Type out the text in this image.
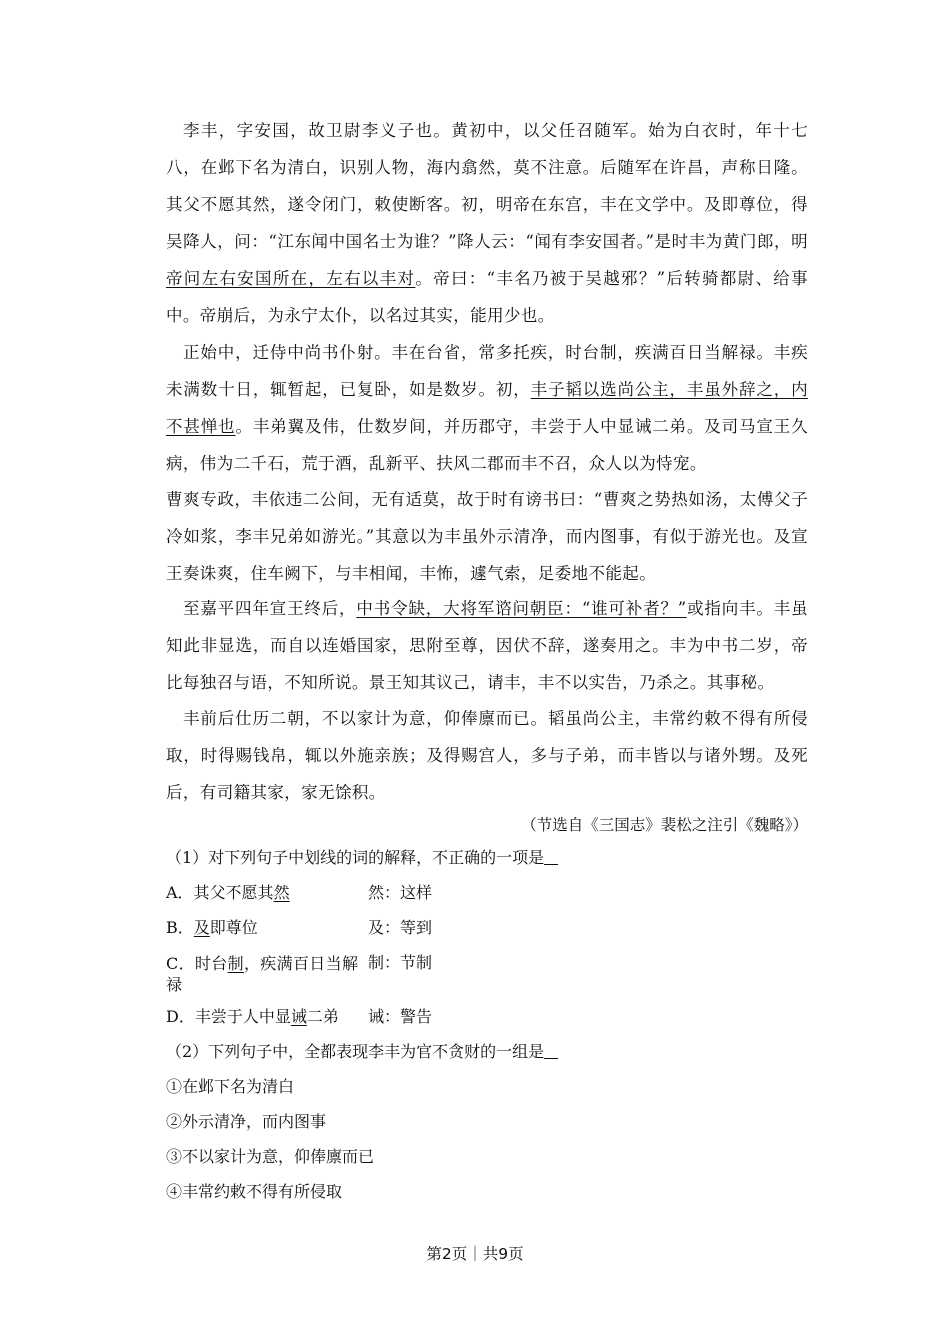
李丰，字安国，故卫尉李义子也。黄初中，以父任召随军。始为白衣时，年十七八，在邺下名为清白，识别人物，海内翕然，莫不注意。后随军在许昌，声称日隆。其父不愿其然，遂令闭门，敕使断客。初，明帝在东宫，丰在文学中。及即尊位，得吴降人，问：“江东闻中国名士为谁？”降人云：“闻有李安国者。”是时丰为黄门郎，明帝问左右安国所在，左右以丰对。帝曰：“丰名乃被于吴越邪？”后转骑都尉、给事中。帝崩后，为永宁太仆，以名过其实，能用少也。
正始中，迁侍中尚书仆射。丰在台省，常多托疾，时台制，疾满百日当解禄。丰疾未满数十日，辄暂起，已复卧，如是数岁。初，丰子韬以选尚公主，丰虽外辞之，内不甚惮也。丰弟翼及伟，仕数岁间，并历郡守，丰尝于人中显诫二弟。及司马宣王久病，伟为二千石，荒于酒，乱新平、扶风二郡而丰不召，众人以为恃宠。
曹爽专政，丰依违二公间，无有适莫，故于时有谤书曰：“曹爽之势热如汤，太傅父子冷如浆，李丰兄弟如游光。”其意以为丰虽外示清净，而内图事，有似于游光也。及宣王奏诛爽，住车阙下，与丰相闻，丰怖，遽气索，足委地不能起。
至嘉平四年宣王终后，中书令缺，大将军谘问朝臣：“谁可补者？”或指向丰。丰虽知此非显选，而自以连婚国家，思附至尊，因伏不辞，遂奏用之。丰为中书二岁，帝比每独召与语，不知所说。景王知其议己，请丰，丰不以实告，乃杀之。其事秘。
丰前后仕历二朝，不以家计为意，仰俸廪而已。韬虽尚公主，丰常约敕不得有所侵取，时得赐钱帛，辄以外施亲族；及得赐宫人，多与子弟，而丰皆以与诸外甥。及死后，有司籍其家，家无馀积。
（节选自《三国志》裴松之注引《魏略》）
（1）对下列句子中划线的词的解释，不正确的一项是
A．其父不愿其然	然：这样
B．及即尊位	及：等到
C．时台制，疾满百日当解禄
制：节制
D．丰尝于人中显诫二弟 诫：警告
（2）下列句子中，全都表现李丰为官不贪财的一组是
①在邺下名为清白
②外示清净，而内图事
③不以家计为意，仰俸廪而已
④丰常约敕不得有所侵取
第2页｜共9页
